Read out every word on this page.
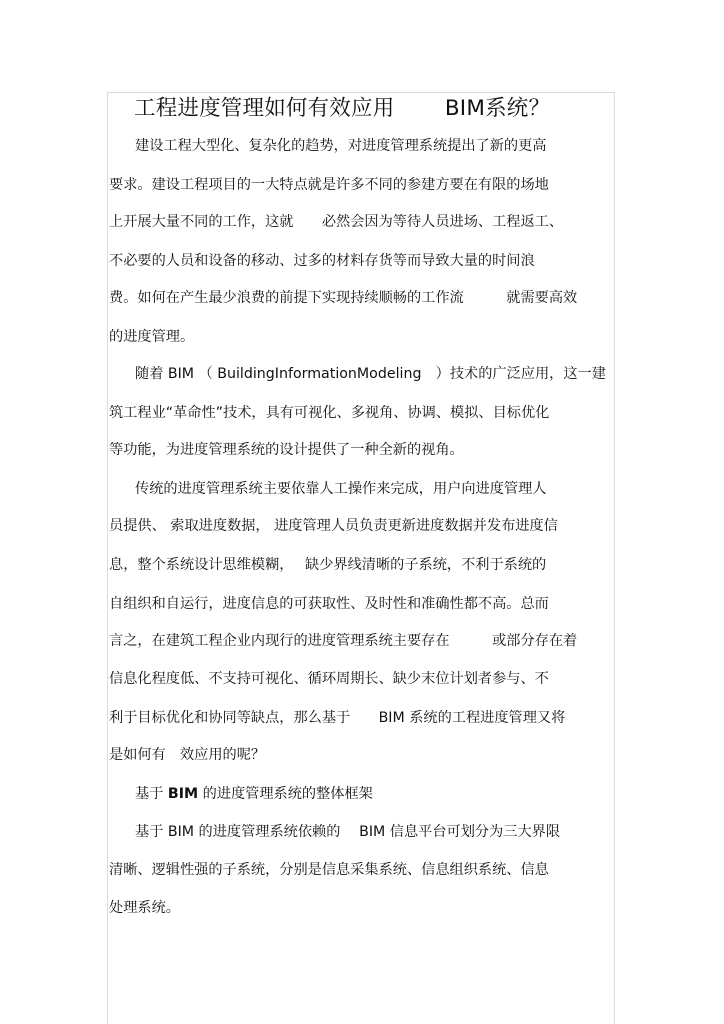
工程进度管理如何有效应用　　 BIM系统？
建设工程大型化、复杂化的趋势，对进度管理系统提出了新的更高
要求。建设工程项目的一大特点就是许多不同的参建方要在有限的场地
上开展大量不同的工作，这就　　必然会因为等待人员进场、工程返工、
不必要的人员和设备的移动、过多的材料存货等而导致大量的时间浪
费。如何在产生最少浪费的前提下实现持续顺畅的工作流　　　就需要高效
的进度管理。
随着 BIM （ BuildingInformationModeling　）技术的广泛应用，这一建
筑工程业“革命性”技术，具有可视化、多视角、协调、模拟、目标优化
等功能，为进度管理系统的设计提供了一种全新的视角。
传统的进度管理系统主要依靠人工操作来完成，用户向进度管理人
员提供、 索取进度数据， 进度管理人员负责更新进度数据并发布进度信
息，整个系统设计思维模糊，　 缺少界线清晰的子系统，不利于系统的
自组织和自运行，进度信息的可获取性、及时性和准确性都不高。总而
言之，在建筑工程企业内现行的进度管理系统主要存在　　　或部分存在着
信息化程度低、不支持可视化、循环周期长、缺少末位计划者参与、不
利于目标优化和协同等缺点，那么基于　　BIM 系统的工程进度管理又将
是如何有　效应用的呢？
基于 BIM 的进度管理系统的整体框架
基于 BIM 的进度管理系统依赖的　 BIM 信息平台可划分为三大界限
清晰、逻辑性强的子系统，分别是信息采集系统、信息组织系统、信息
处理系统。
